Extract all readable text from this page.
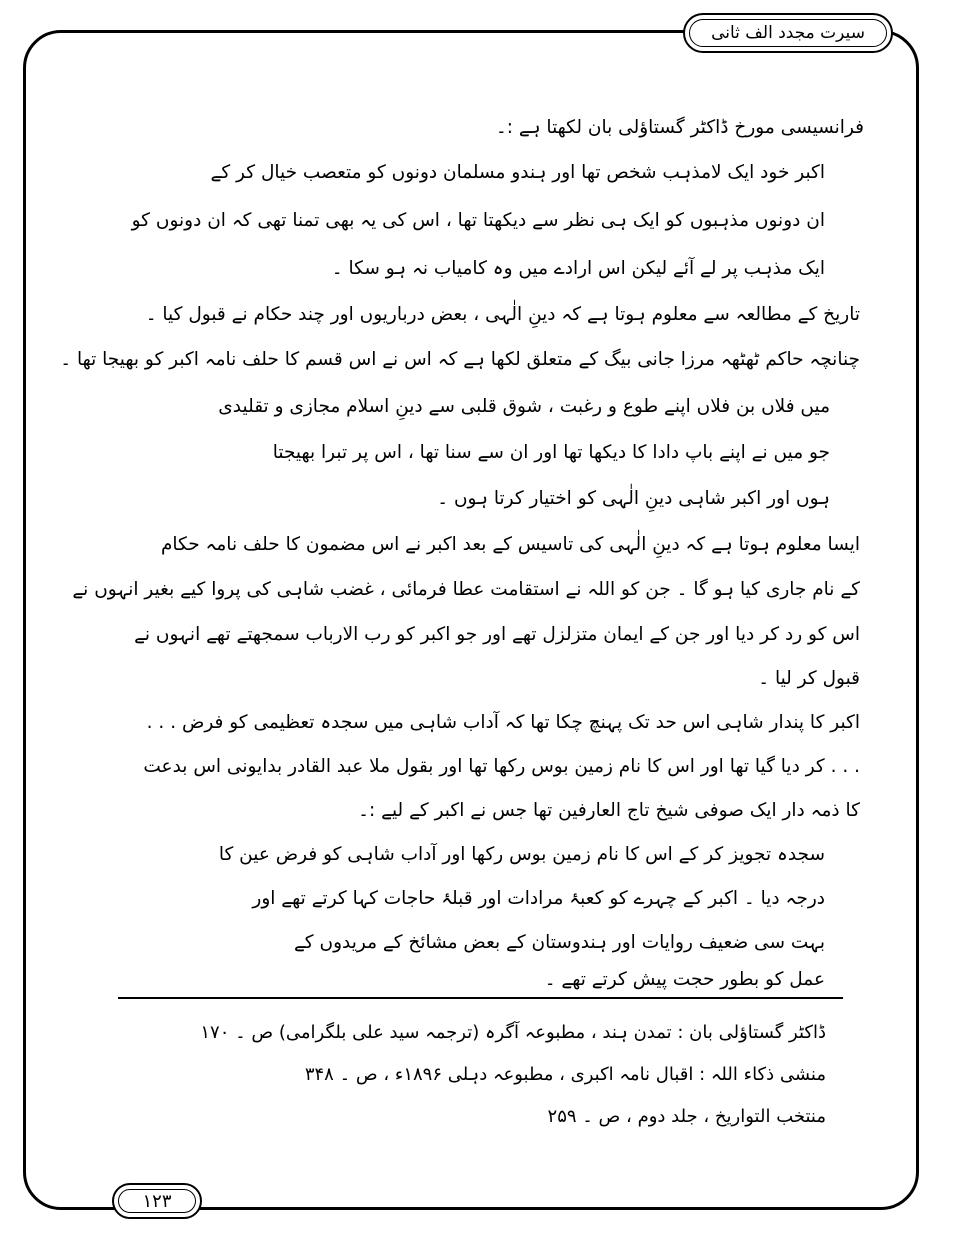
سیرت مجدد الف ثانی
فرانسیسی مورخ ڈاکٹر گستاؤلی بان لکھتا ہے :۔
اکبر خود ایک لامذہب شخص تھا اور ہندو مسلمان دونوں کو متعصب خیال کر کے
ان دونوں مذہبوں کو ایک ہی نظر سے دیکھتا تھا ، اس کی یہ بھی تمنا تھی کہ ان دونوں کو
ایک مذہب پر لے آئے لیکن اس ارادے میں وہ کامیاب نہ ہو سکا ۔
تاریخ کے مطالعہ سے معلوم ہوتا ہے کہ دینِ الٰہی ، بعض درباریوں اور چند حکام نے قبول کیا ۔
چنانچہ حاکم ٹھٹھہ مرزا جانی بیگ کے متعلق لکھا ہے کہ اس نے اس قسم کا حلف نامہ اکبر کو بھیجا تھا ۔
میں فلاں بن فلاں اپنے طوع و رغبت ، شوق قلبی سے دینِ اسلام مجازی و تقلیدی
جو میں نے اپنے باپ دادا کا دیکھا تھا اور ان سے سنا تھا ، اس پر تبرا بھیجتا
ہوں اور اکبر شاہی دینِ الٰہی کو اختیار کرتا ہوں ۔
ایسا معلوم ہوتا ہے کہ دینِ الٰہی کی تاسیس کے بعد اکبر نے اس مضمون کا حلف نامہ حکام
کے نام جاری کیا ہو گا ۔ جن کو اللہ نے استقامت عطا فرمائی ، غضب شاہی کی پروا کیے بغیر انہوں نے
اس کو رد کر دیا اور جن کے ایمان متزلزل تھے اور جو اکبر کو رب الارباب سمجھتے تھے انہوں نے
قبول کر لیا ۔
اکبر کا پندار شاہی اس حد تک پہنچ چکا تھا کہ آداب شاہی میں سجدہ تعظیمی کو فرض . . .
. . . کر دیا گیا تھا اور اس کا نام زمین بوس رکھا تھا اور بقول ملا عبد القادر بدایونی اس بدعت
کا ذمہ دار ایک صوفی شیخ تاج العارفین تھا جس نے اکبر کے لیے :۔
سجدہ تجویز کر کے اس کا نام زمین بوس رکھا اور آداب شاہی کو فرض عین کا
درجہ دیا ۔ اکبر کے چہرے کو کعبۂ مرادات اور قبلۂ حاجات کہا کرتے تھے اور
بہت سی ضعیف روایات اور ہندوستان کے بعض مشائخ کے مریدوں کے
عمل کو بطور حجت پیش کرتے تھے ۔
ڈاکٹر گستاؤلی بان : تمدن ہند ، مطبوعہ آگرہ (ترجمہ سید علی بلگرامی) ص ۔ ۱۷۰
منشی ذکاء اللہ : اقبال نامہ اکبری ، مطبوعہ دہلی ۱۸۹۶ء ، ص ۔ ۳۴۸
منتخب التواریخ ، جلد دوم ، ص ۔ ۲۵۹
۱۲۳
